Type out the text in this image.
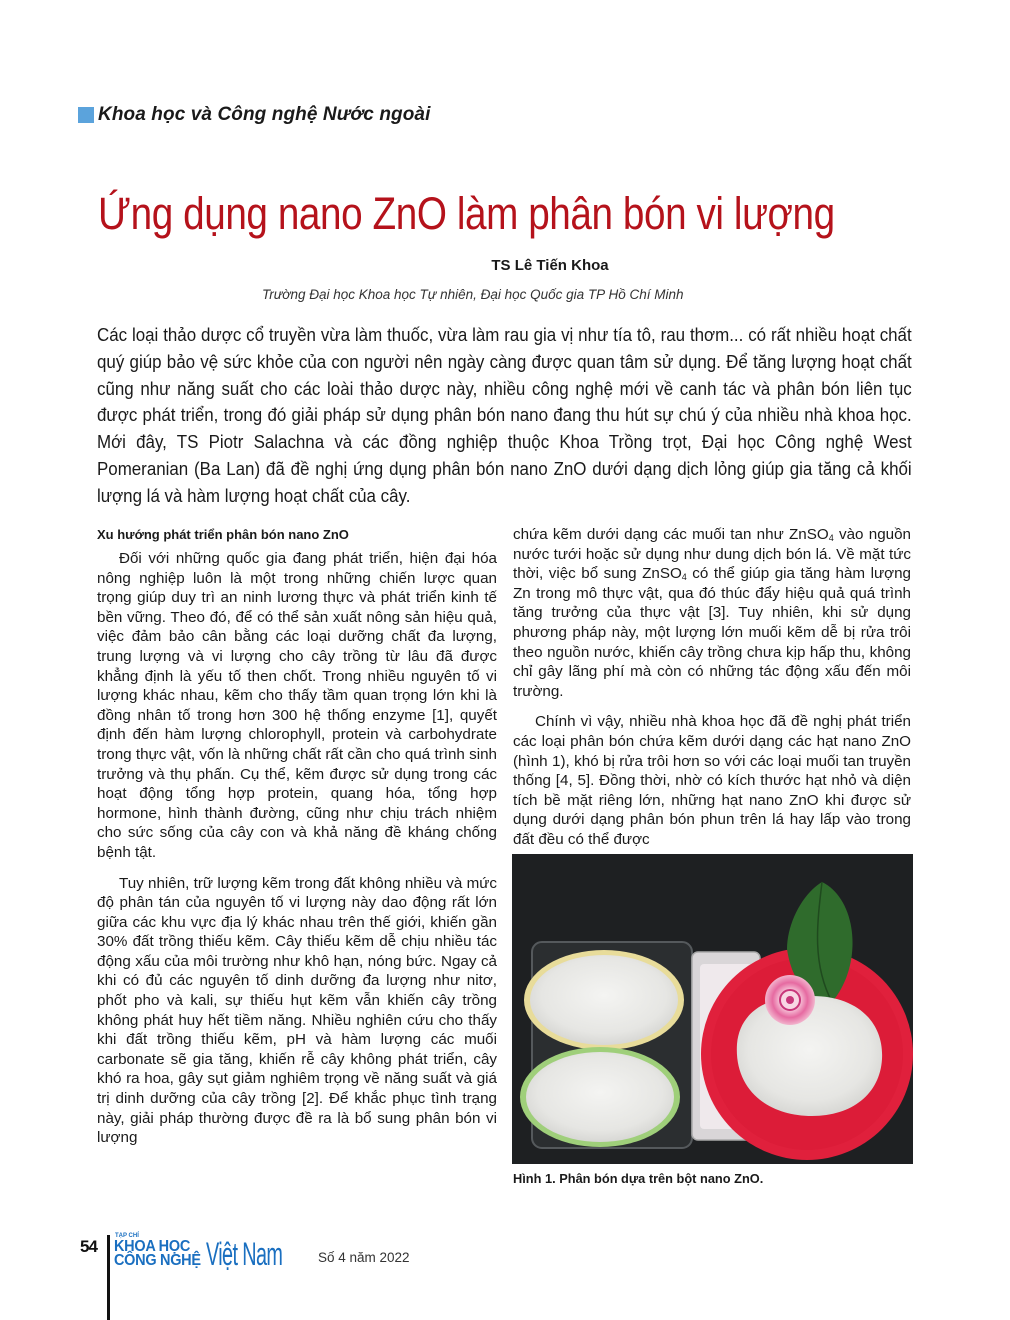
Khoa học và Công nghệ Nước ngoài
Ứng dụng nano ZnO làm phân bón vi lượng
TS Lê Tiến Khoa
Trường Đại học Khoa học Tự nhiên, Đại học Quốc gia TP Hồ Chí Minh
Các loại thảo dược cổ truyền vừa làm thuốc, vừa làm rau gia vị như tía tô, rau thơm... có rất nhiều hoạt chất quý giúp bảo vệ sức khỏe của con người nên ngày càng được quan tâm sử dụng. Để tăng lượng hoạt chất cũng như năng suất cho các loài thảo dược này, nhiều công nghệ mới về canh tác và phân bón liên tục được phát triển, trong đó giải pháp sử dụng phân bón nano đang thu hút sự chú ý của nhiều nhà khoa học. Mới đây, TS Piotr Salachna và các đồng nghiệp thuộc Khoa Trồng trọt, Đại học Công nghệ West Pomeranian (Ba Lan) đã đề nghị ứng dụng phân bón nano ZnO dưới dạng dịch lỏng giúp gia tăng cả khối lượng lá và hàm lượng hoạt chất của cây.
Xu hướng phát triển phân bón nano ZnO

Đối với những quốc gia đang phát triển, hiện đại hóa nông nghiệp luôn là một trong những chiến lược quan trọng giúp duy trì an ninh lương thực và phát triển kinh tế bền vững. Theo đó, để có thể sản xuất nông sản hiệu quả, việc đảm bảo cân bằng các loại dưỡng chất đa lượng, trung lượng và vi lượng cho cây trồng từ lâu đã được khẳng định là yếu tố then chốt. Trong nhiều nguyên tố vi lượng khác nhau, kẽm cho thấy tầm quan trọng lớn khi là đồng nhân tố trong hơn 300 hệ thống enzyme [1], quyết định đến hàm lượng chlorophyll, protein và carbohydrate trong thực vật, vốn là những chất rất cần cho quá trình sinh trưởng và thụ phấn. Cụ thể, kẽm được sử dụng trong các hoạt động tổng hợp protein, quang hóa, tổng hợp hormone, hình thành đường, cũng như chịu trách nhiệm cho sức sống của cây con và khả năng đề kháng chống bệnh tật.

Tuy nhiên, trữ lượng kẽm trong đất không nhiều và mức độ phân tán của nguyên tố vi lượng này dao động rất lớn giữa các khu vực địa lý khác nhau trên thế giới, khiến gần 30% đất trồng thiếu kẽm. Cây thiếu kẽm dễ chịu nhiều tác động xấu của môi trường như khô hạn, nóng bức. Ngay cả khi có đủ các nguyên tố dinh dưỡng đa lượng như nitơ, phốt pho và kali, sự thiếu hụt kẽm vẫn khiến cây trồng không phát huy hết tiềm năng. Nhiều nghiên cứu cho thấy khi đất trồng thiếu kẽm, pH và hàm lượng các muối carbonate sẽ gia tăng, khiến rễ cây không phát triển, cây khó ra hoa, gây sụt giảm nghiêm trọng về năng suất và giá trị dinh dưỡng của cây trồng [2]. Để khắc phục tình trạng này, giải pháp thường được đề ra là bổ sung phân bón vi lượng

chứa kẽm dưới dạng các muối tan như ZnSO$_4$ vào nguồn nước tưới hoặc sử dụng như dung dịch bón lá. Về mặt tức thời, việc bổ sung ZnSO$_4$ có thể giúp gia tăng hàm lượng Zn trong mô thực vật, qua đó thúc đẩy hiệu quả quá trình tăng trưởng của thực vật [3]. Tuy nhiên, khi sử dụng phương pháp này, một lượng lớn muối kẽm dễ bị rửa trôi theo nguồn nước, khiến cây trồng chưa kịp hấp thu, không chỉ gây lãng phí mà còn có những tác động xấu đến môi trường.

Chính vì vậy, nhiều nhà khoa học đã đề nghị phát triển các loại phân bón chứa kẽm dưới dạng các hạt nano ZnO (hình 1), khó bị rửa trôi hơn so với các loại muối tan truyền thống [4, 5]. Đồng thời, nhờ có kích thước hạt nhỏ và diện tích bề mặt riêng lớn, những hạt nano ZnO khi được sử dụng dưới dạng phân bón phun trên lá hay lấp vào trong đất đều có thể được

Hình 1. Phân bón dựa trên bột nano ZnO.
54
TẠP CHÍ
KHOA HỌC
CÔNG NGHỆ Việt Nam	Số 4 năm 2022
